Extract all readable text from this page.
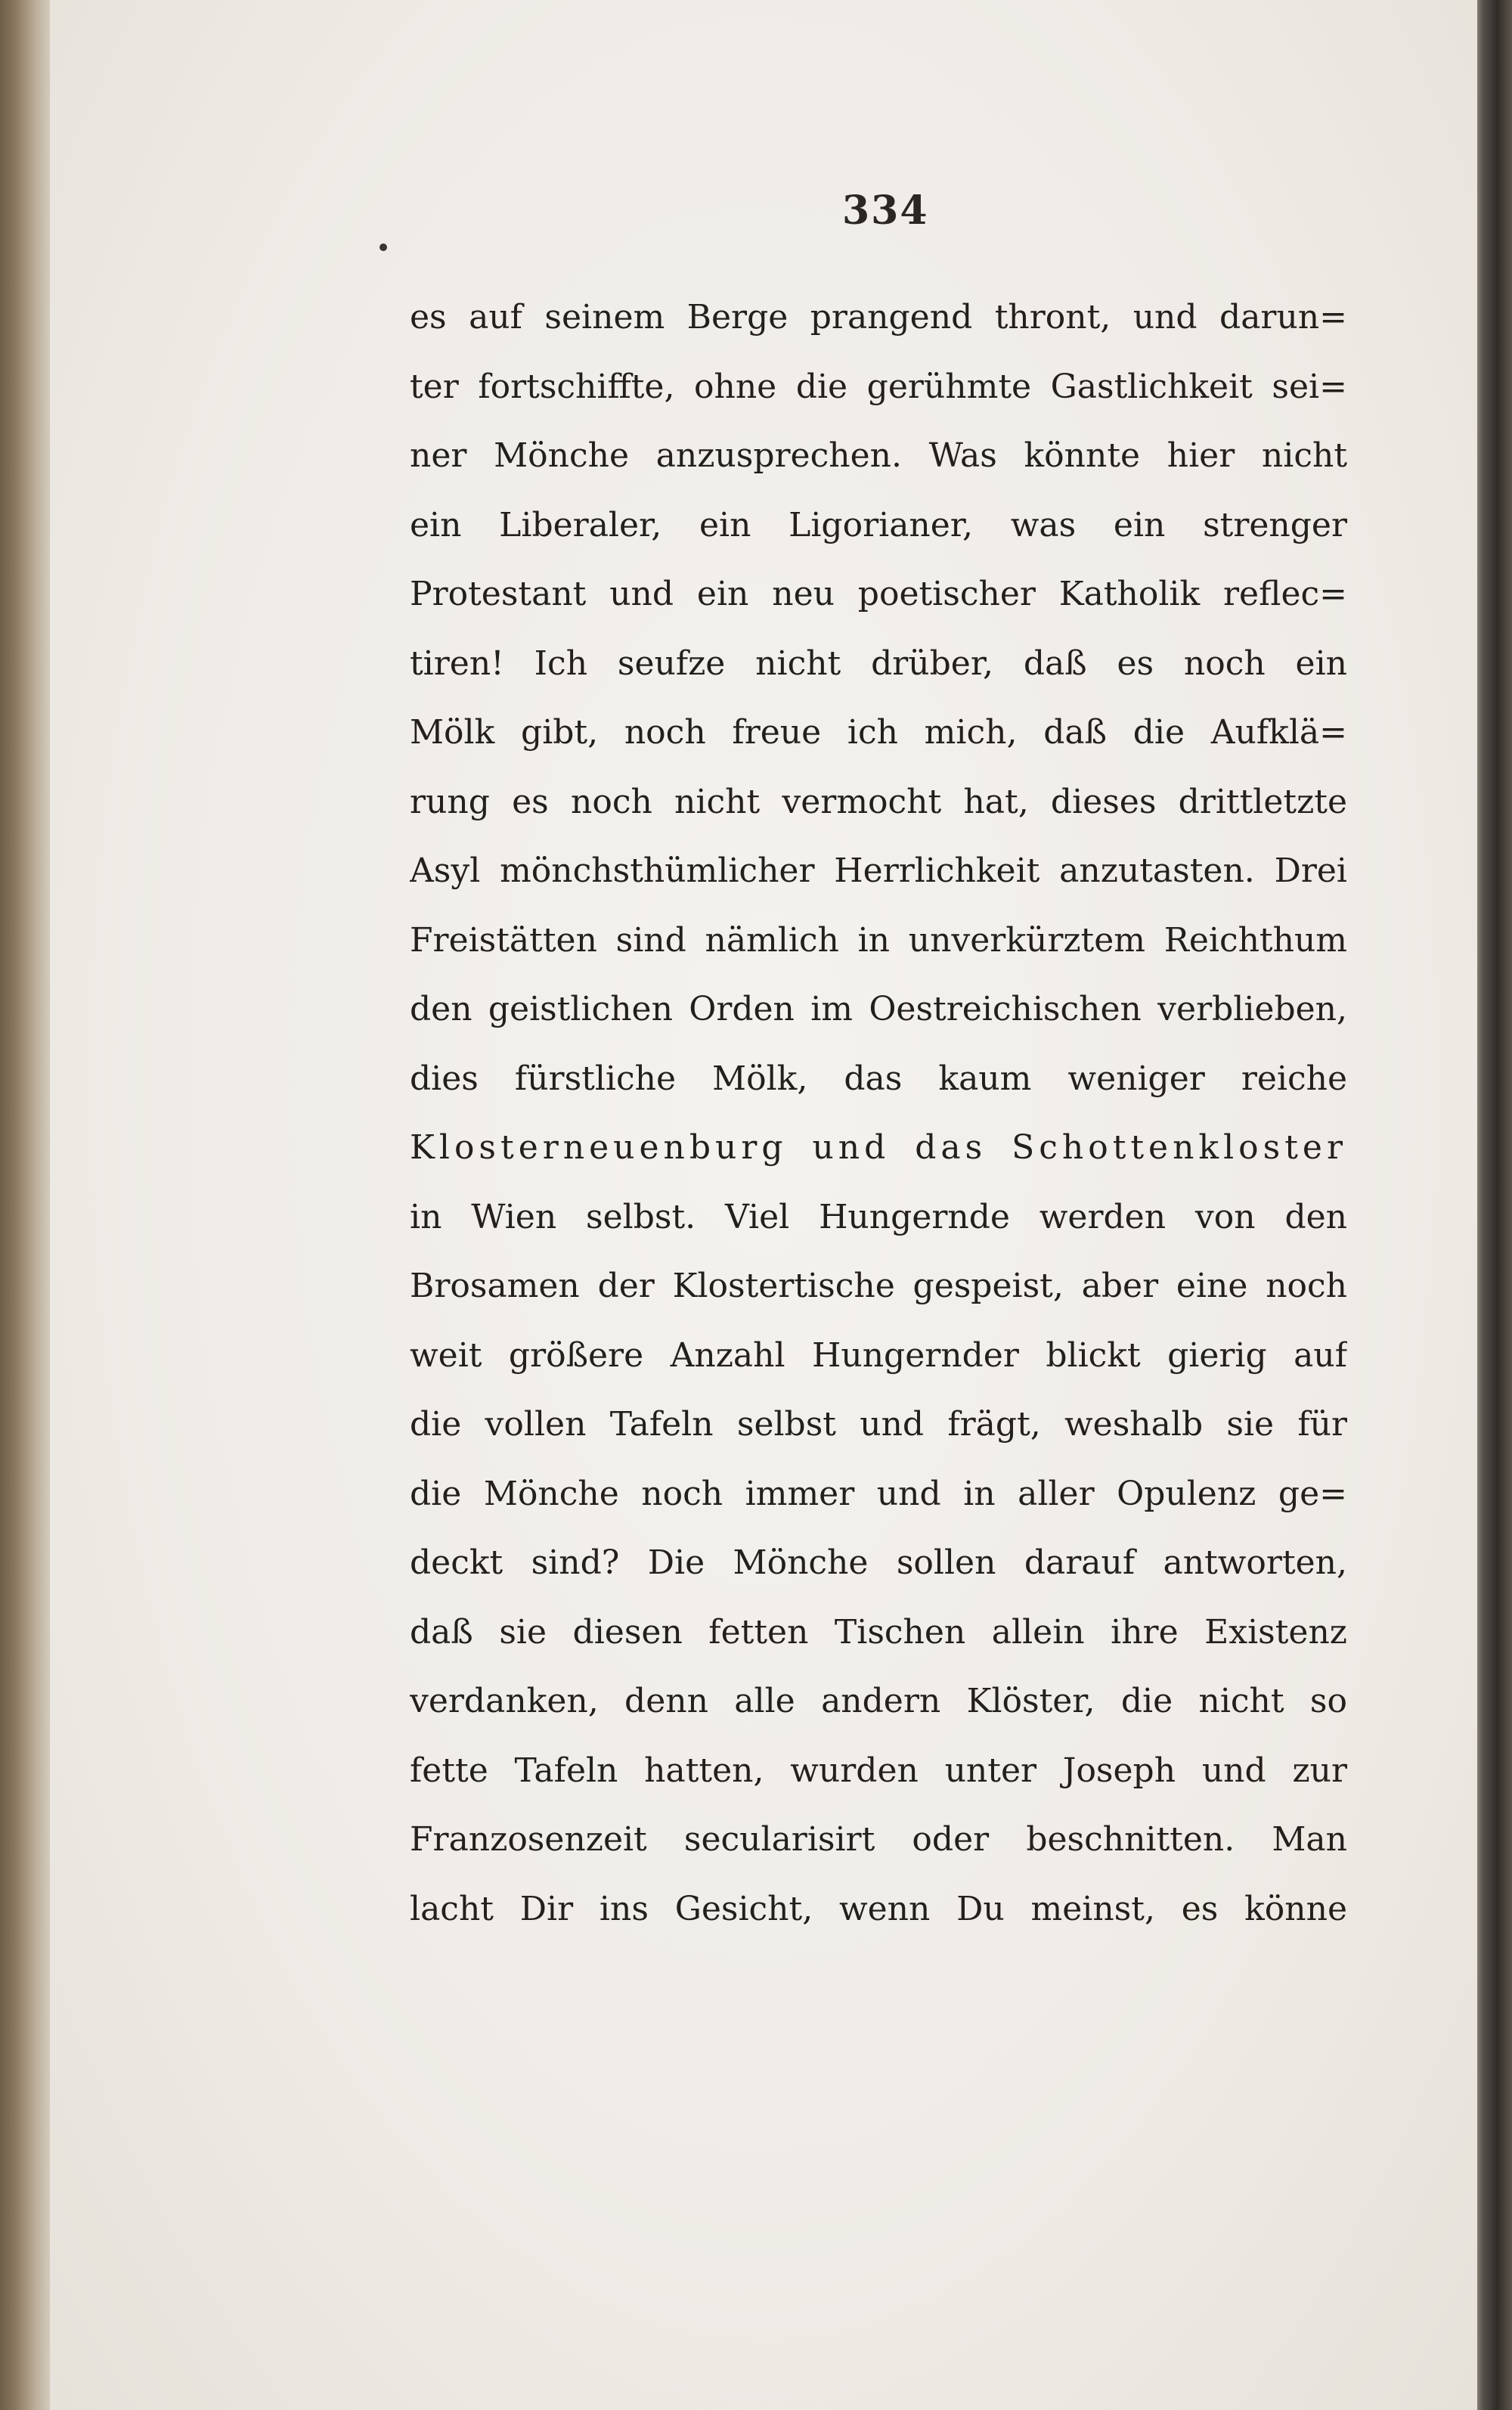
334
es auf seinem Berge prangend thront, und darun=
ter fortschiffte, ohne die gerühmte Gastlichkeit sei=
ner Mönche anzusprechen. Was könnte hier nicht
ein Liberaler, ein Ligorianer, was ein strenger
Protestant und ein neu poetischer Katholik reflec=
tiren! Ich seufze nicht drüber, daß es noch ein
Mölk gibt, noch freue ich mich, daß die Aufklä=
rung es noch nicht vermocht hat, dieses drittletzte
Asyl mönchsthümlicher Herrlichkeit anzutasten. Drei
Freistätten sind nämlich in unverkürztem Reichthum
den geistlichen Orden im Oestreichischen verblieben,
dies fürstliche Mölk, das kaum weniger reiche
Klosterneuenburg und das Schottenkloster
in Wien selbst. Viel Hungernde werden von den
Brosamen der Klostertische gespeist, aber eine noch
weit größere Anzahl Hungernder blickt gierig auf
die vollen Tafeln selbst und frägt, weshalb sie für
die Mönche noch immer und in aller Opulenz ge=
deckt sind? Die Mönche sollen darauf antworten,
daß sie diesen fetten Tischen allein ihre Existenz
verdanken, denn alle andern Klöster, die nicht so
fette Tafeln hatten, wurden unter Joseph und zur
Franzosenzeit secularisirt oder beschnitten. Man
lacht Dir ins Gesicht, wenn Du meinst, es könne
